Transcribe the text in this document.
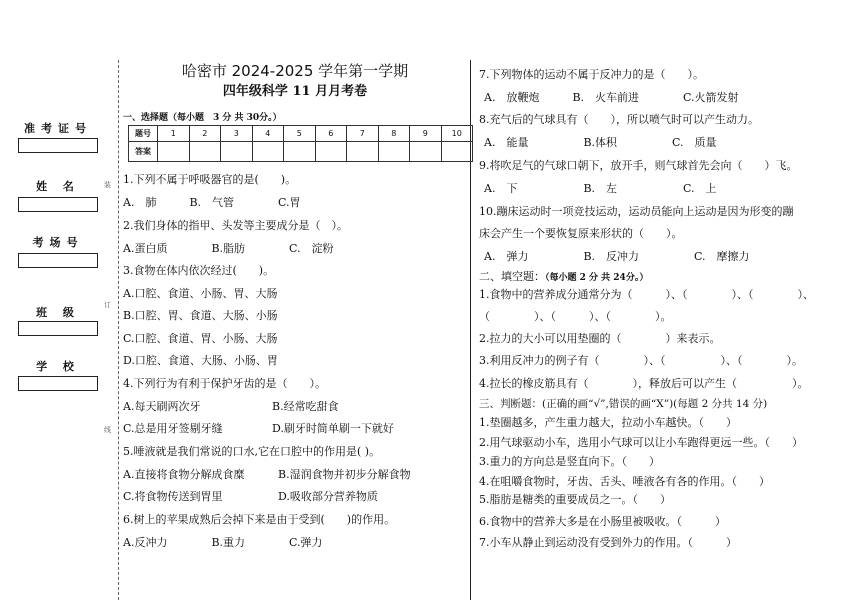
准考证号
姓 名
考场号
班 级
学 校
装
订
线
哈密市 2024-2025 学年第一学期
四年级科学 11 月月考卷
一、选择题（每小题　3 分 共 30分。）
题号	1	2	3	4	5	6	7	8	9	10
答案										
1.下列不属于呼吸器官的是(　　)。
A.　肺　　　B.　气管　　　　C.胃
2.我们身体的指甲、头发等主要成分是（　）。
A.蛋白质　　　　B.脂肪　　　　C.　淀粉
3.食物在体内依次经过(　　)。
A.口腔、食道、小肠、胃、大肠
B.口腔、胃、食道、大肠、小肠
C.口腔、食道、胃、小肠、大肠
D.口腔、食道、大肠、小肠、胃
4.下列行为有利于保护牙齿的是（　　）。
A.每天刷两次牙	B.经常吃甜食
C.总是用牙签剔牙缝	D.刷牙时简单刷一下就好
5.唾液就是我们常说的口水,它在口腔中的作用是( )。
A.直接将食物分解成食糜	B.湿润食物并初步分解食物
C.将食物传送到胃里	D.吸收部分营养物质
6.树上的苹果成熟后会掉下来是由于受到(　　)的作用。
A.反冲力　　　　B.重力　　　　C.弹力
7.下列物体的运动不属于反冲力的是（　　）。
A.　放鞭炮　　　B.　火车前进　　　　C.火箭发射
8.充气后的气球具有（　　），所以喷气时可以产生动力。
A.　能量　　　　　B.体积　　　　　C.　质量
9.将吹足气的气球口朝下，放开手，则气球首先会向（　　）飞。
A.　下　　　　　　B.　左　　　　　　C.　上
10.蹦床运动时一项竞技运动，运动员能向上运动是因为形变的蹦
床会产生一个要恢复原来形状的（　　）。
A.　弹力　　　　　B.　反冲力　　　　　C.　摩擦力
二、填空题：（每小题 2 分 共 24分。）
1.食物中的营养成分通常分为（　　　）、（　　　　）、（　　　　）、
（　　　　）、（　　　）、（　　　　）。
2.拉力的大小可以用垫圈的（　　　　）来表示。
3.利用反冲力的例子有（　　　　）、（　　　　　）、（　　　　）。
4.拉长的橡皮筋具有（　　　　），释放后可以产生（　　　　　）。
三、判断题：(正确的画“√”,错误的画“X”)(每题 2 分共 14 分)
1.垫圈越多，产生重力越大，拉动小车越快。（　　）
2.用气球驱动小车，选用小气球可以让小车跑得更远一些。（　　）
3.重力的方向总是竖直向下。（　　）
4.在咀嚼食物时，牙齿、舌头、唾液各有各的作用。（　　）
5.脂肪是糖类的重要成员之一。（　　）
6.食物中的营养大多是在小肠里被吸收。（　　　）
7.小车从静止到运动没有受到外力的作用。（　　　）
